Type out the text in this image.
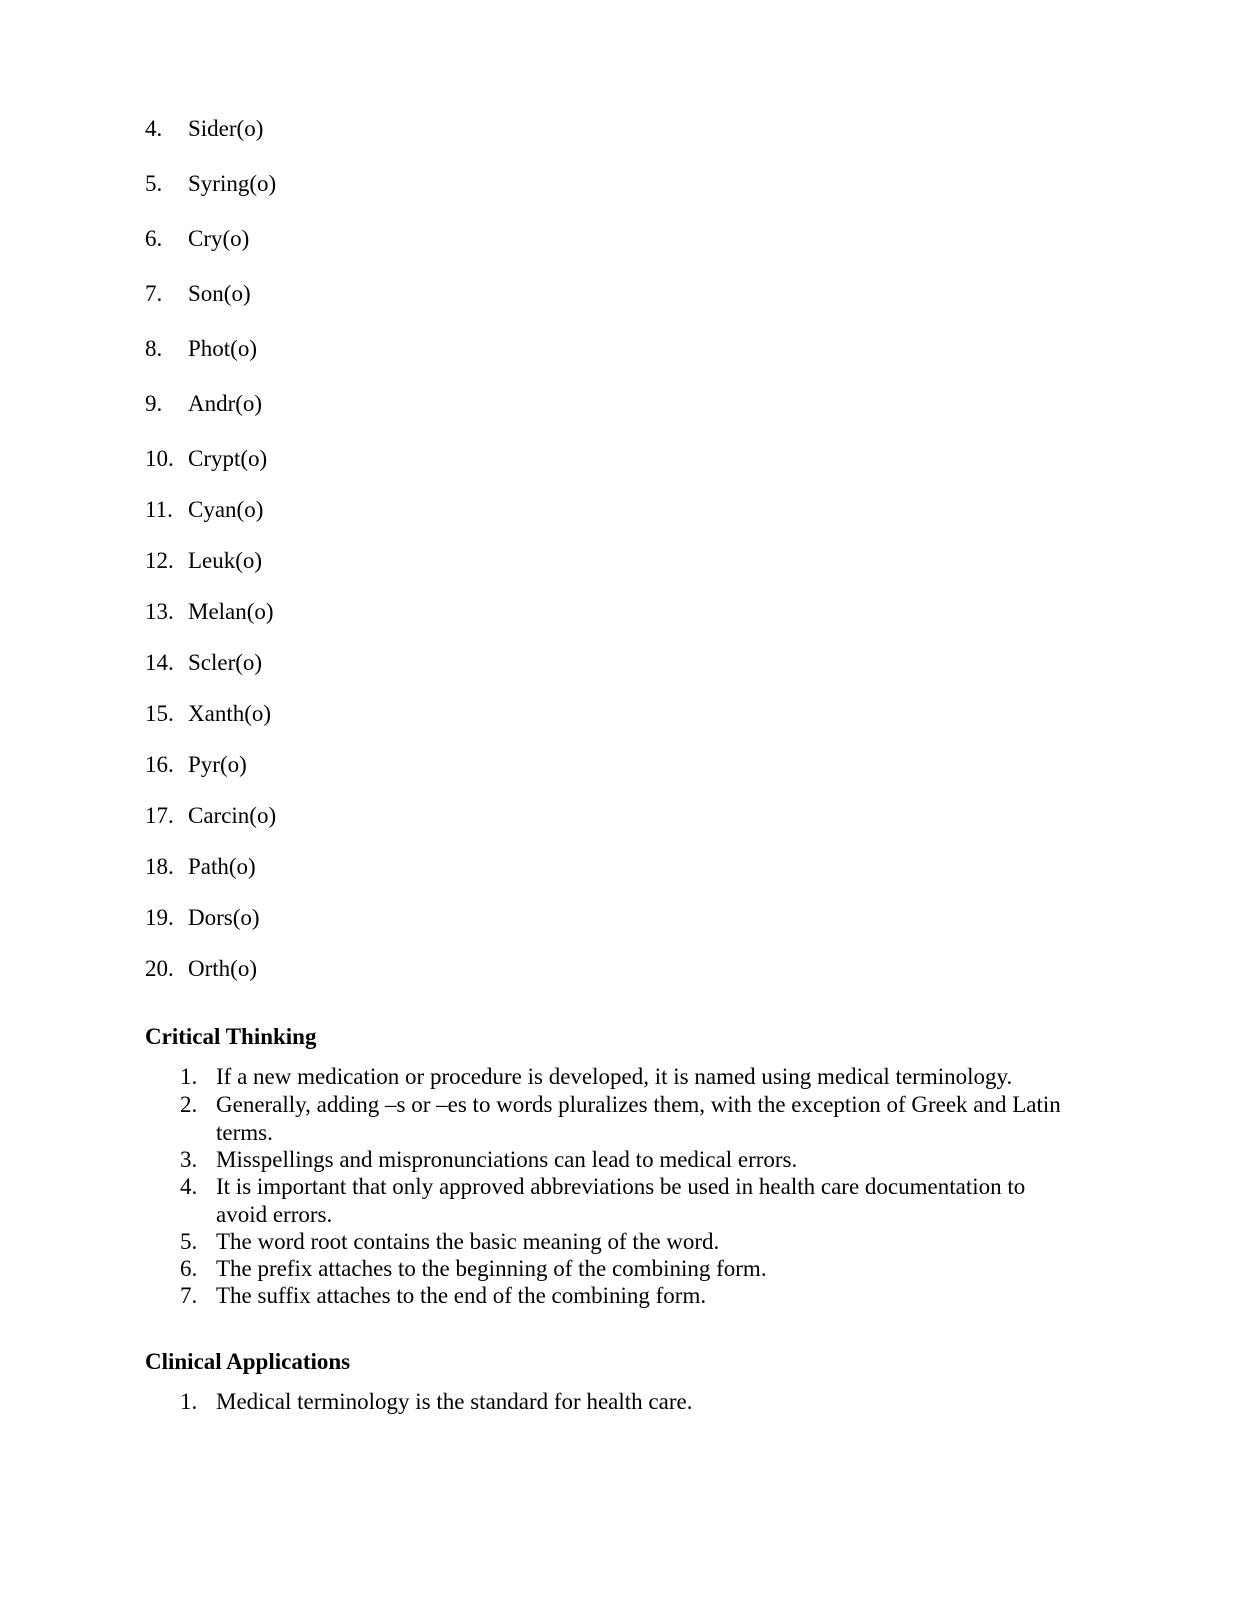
4. Sider(o)
5. Syring(o)
6. Cry(o)
7. Son(o)
8. Phot(o)
9. Andr(o)
10. Crypt(o)
11. Cyan(o)
12. Leuk(o)
13. Melan(o)
14. Scler(o)
15. Xanth(o)
16. Pyr(o)
17. Carcin(o)
18. Path(o)
19. Dors(o)
20. Orth(o)
Critical Thinking
1. If a new medication or procedure is developed, it is named using medical terminology.
2. Generally, adding –s or –es to words pluralizes them, with the exception of Greek and Latin terms.
3. Misspellings and mispronunciations can lead to medical errors.
4. It is important that only approved abbreviations be used in health care documentation to avoid errors.
5. The word root contains the basic meaning of the word.
6. The prefix attaches to the beginning of the combining form.
7. The suffix attaches to the end of the combining form.
Clinical Applications
1. Medical terminology is the standard for health care.
